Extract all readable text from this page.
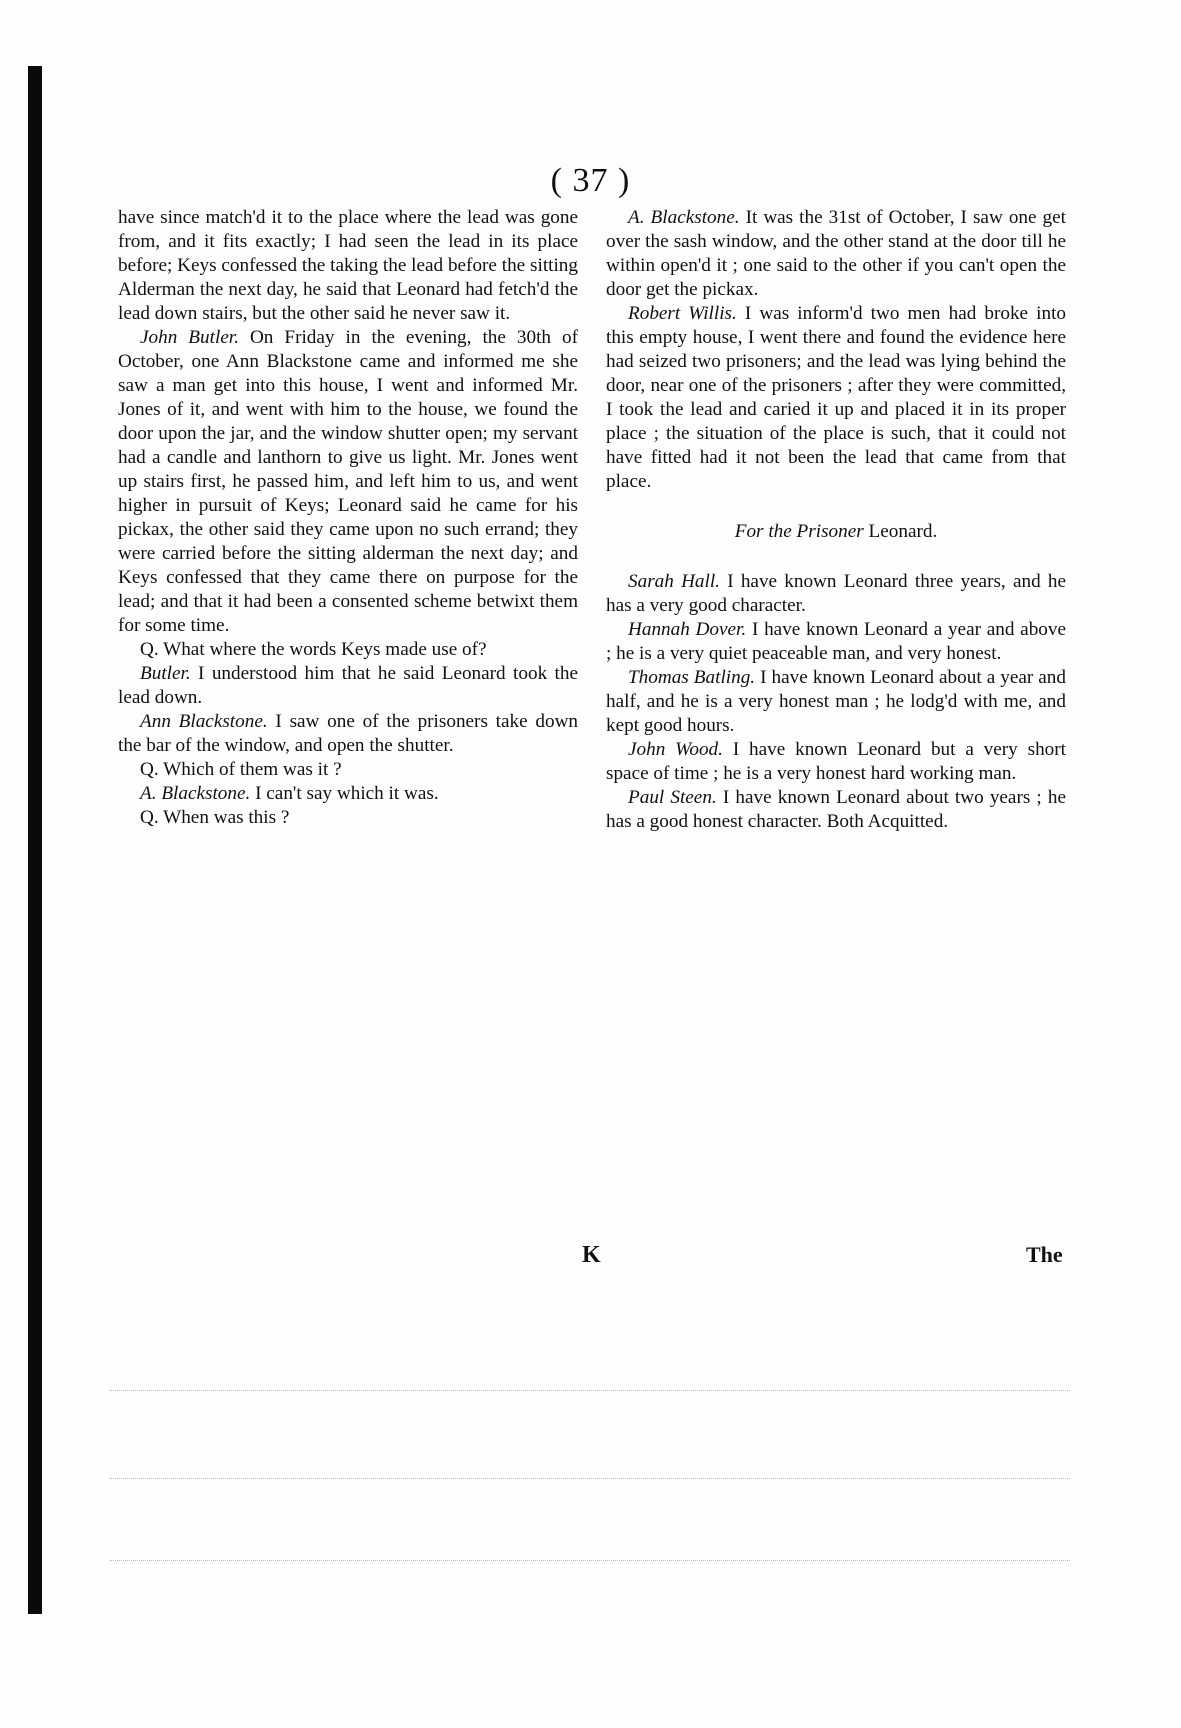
( 37 )

have since match'd it to the place where the lead was gone from, and it fits exactly; I had seen the lead in its place before; Keys confessed the taking the lead before the sitting Alderman the next day, he said that Leonard had fetch'd the lead down stairs, but the other said he never saw it.

John Butler. On Friday in the evening, the 30th of October, one Ann Blackstone came and informed me she saw a man get into this house, I went and informed Mr. Jones of it, and went with him to the house, we found the door upon the jar, and the window shutter open; my servant had a candle and lanthorn to give us light. Mr. Jones went up stairs first, he passed him, and left him to us, and went higher in pursuit of Keys; Leonard said he came for his pickax, the other said they came upon no such errand; they were carried before the sitting alderman the next day; and Keys confessed that they came there on purpose for the lead; and that it had been a consented scheme betwixt them for some time.

Q. What where the words Keys made use of?

Butler. I understood him that he said Leonard took the lead down.

Ann Blackstone. I saw one of the prisoners take down the bar of the window, and open the shutter.

Q. Which of them was it ?

A. Blackstone. I can't say which it was.

Q. When was this ?

A. Blackstone. It was the 31st of October, I saw one get over the sash window, and the other stand at the door till he within open'd it ; one said to the other if you can't open the door get the pickax.

Robert Willis. I was inform'd two men had broke into this empty house, I went there and found the evidence here had seized two prisoners; and the lead was lying behind the door, near one of the prisoners ; after they were committed, I took the lead and caried it up and placed it in its proper place ; the situation of the place is such, that it could not have fitted had it not been the lead that came from that place.

For the Prisoner Leonard.

Sarah Hall. I have known Leonard three years, and he has a very good character.

Hannah Dover. I have known Leonard a year and above ; he is a very quiet peaceable man, and very honest.

Thomas Batling. I have known Leonard about a year and half, and he is a very honest man ; he lodg'd with me, and kept good hours.

John Wood. I have known Leonard but a very short space of time ; he is a very honest hard working man.

Paul Steen. I have known Leonard about two years ; he has a good honest character. Both Acquitted.

K	The
